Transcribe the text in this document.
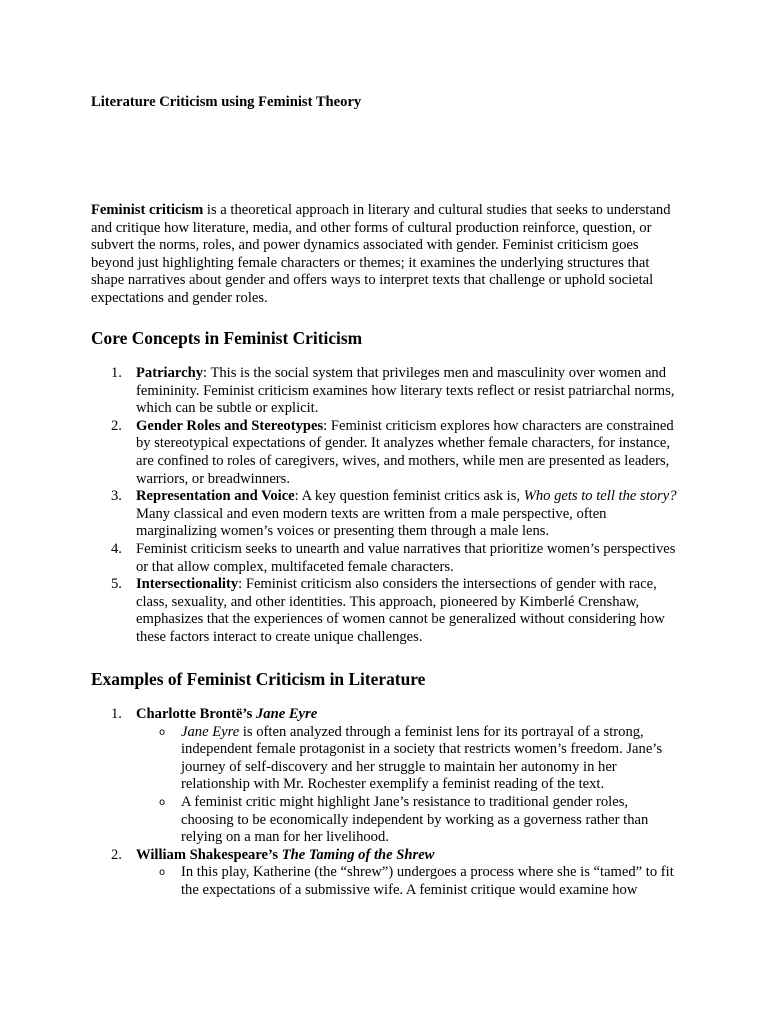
Literature Criticism using Feminist Theory

Feminist criticism is a theoretical approach in literary and cultural studies that seeks to understand and critique how literature, media, and other forms of cultural production reinforce, question, or subvert the norms, roles, and power dynamics associated with gender. Feminist criticism goes beyond just highlighting female characters or themes; it examines the underlying structures that shape narratives about gender and offers ways to interpret texts that challenge or uphold societal expectations and gender roles.

Core Concepts in Feminist Criticism
1. Patriarchy: This is the social system that privileges men and masculinity over women and femininity. Feminist criticism examines how literary texts reflect or resist patriarchal norms, which can be subtle or explicit.
2. Gender Roles and Stereotypes: Feminist criticism explores how characters are constrained by stereotypical expectations of gender. It analyzes whether female characters, for instance, are confined to roles of caregivers, wives, and mothers, while men are presented as leaders, warriors, or breadwinners.
3. Representation and Voice: A key question feminist critics ask is, Who gets to tell the story? Many classical and even modern texts are written from a male perspective, often marginalizing women’s voices or presenting them through a male lens.
4. Feminist criticism seeks to unearth and value narratives that prioritize women’s perspectives or that allow complex, multifaceted female characters.
5. Intersectionality: Feminist criticism also considers the intersections of gender with race, class, sexuality, and other identities. This approach, pioneered by Kimberlé Crenshaw, emphasizes that the experiences of women cannot be generalized without considering how these factors interact to create unique challenges.
Examples of Feminist Criticism in Literature
1. Charlotte Brontë’s Jane Eyre
o Jane Eyre is often analyzed through a feminist lens for its portrayal of a strong, independent female protagonist in a society that restricts women’s freedom. Jane’s journey of self-discovery and her struggle to maintain her autonomy in her relationship with Mr. Rochester exemplify a feminist reading of the text.
o A feminist critic might highlight Jane’s resistance to traditional gender roles, choosing to be economically independent by working as a governess rather than relying on a man for her livelihood.
2. William Shakespeare’s The Taming of the Shrew
o In this play, Katherine (the “shrew”) undergoes a process where she is “tamed” to fit the expectations of a submissive wife. A feminist critique would examine how
